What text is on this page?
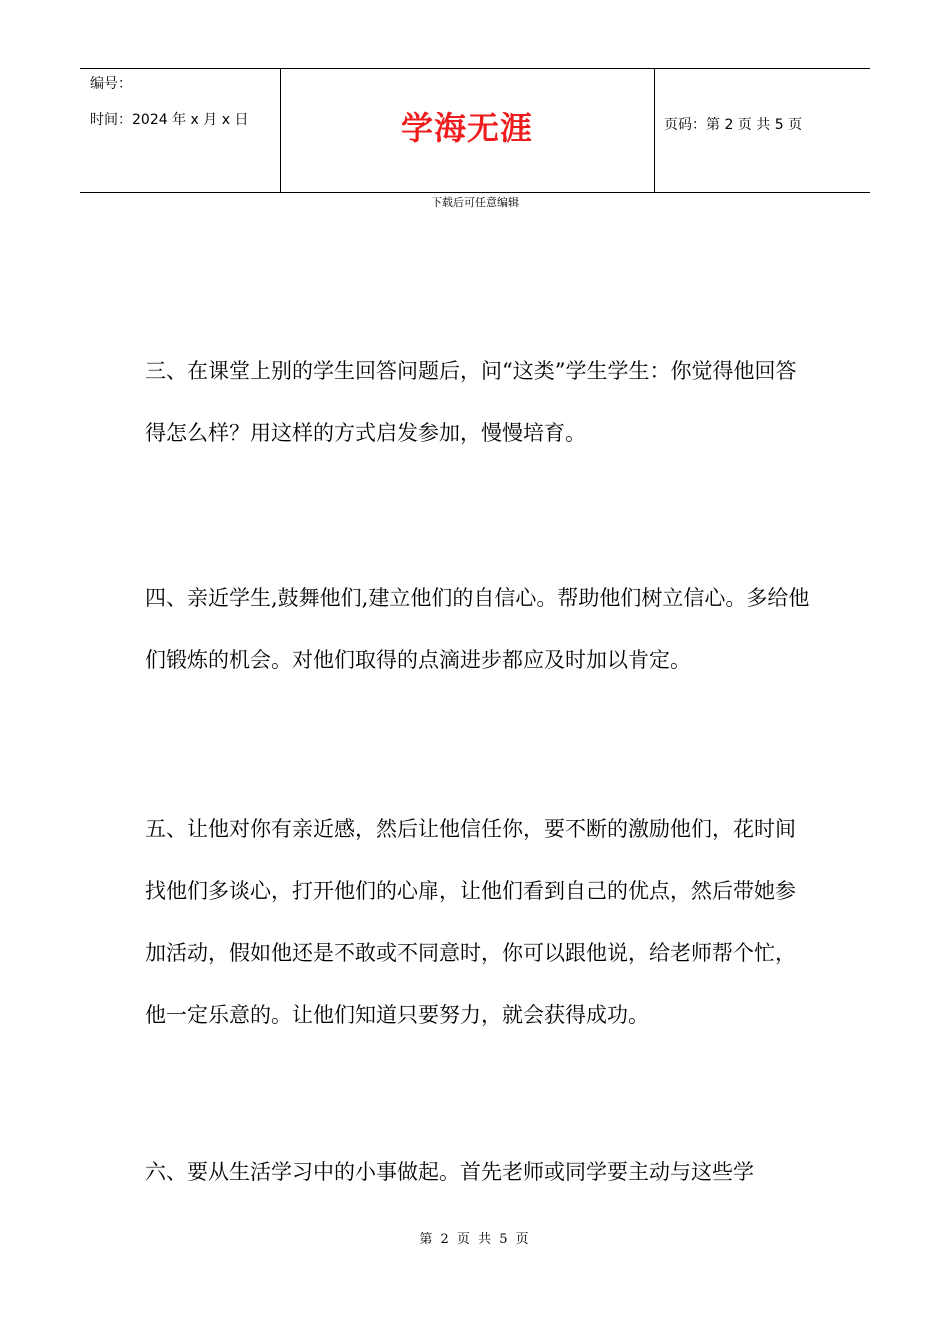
编号：
时间：2024 年 x 月 x 日	学海无涯	页码：第 2 页 共 5 页
下载后可任意编辑

三、在课堂上别的学生回答问题后，问“这类”学生学生：你觉得他回答得怎么样？用这样的方式启发参加，慢慢培育。

四、亲近学生,鼓舞他们,建立他们的自信心。帮助他们树立信心。多给他们锻炼的机会。对他们取得的点滴进步都应及时加以肯定。

五、让他对你有亲近感，然后让他信任你，要不断的激励他们，花时间找他们多谈心，打开他们的心扉，让他们看到自己的优点，然后带她参加活动，假如他还是不敢或不同意时，你可以跟他说，给老师帮个忙，他一定乐意的。让他们知道只要努力，就会获得成功。

六、要从生活学习中的小事做起。首先老师或同学要主动与这些学

第 2 页 共 5 页
